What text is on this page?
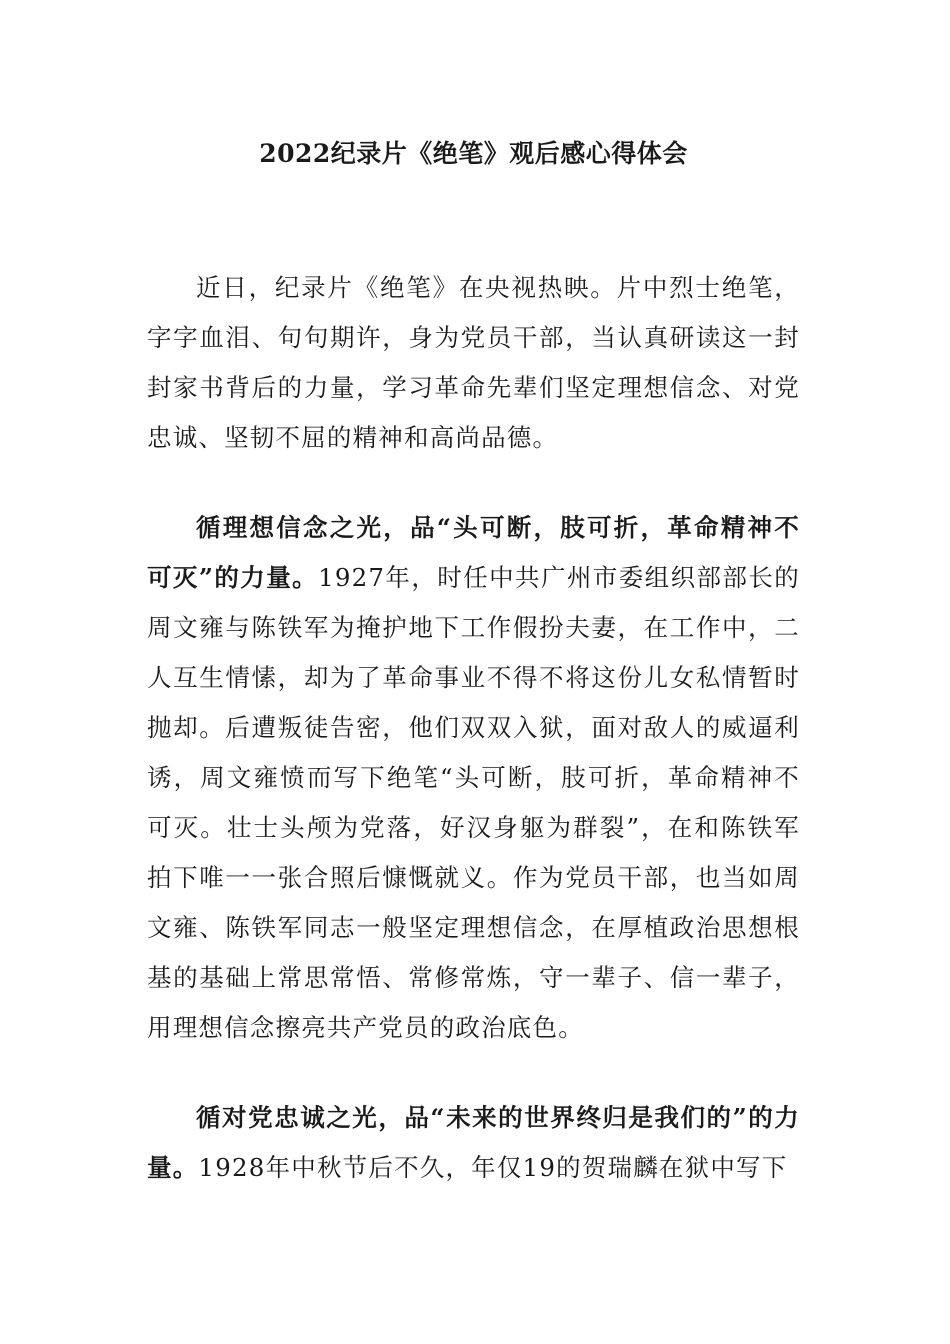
2022纪录片《绝笔》观后感心得体会

近日，纪录片《绝笔》在央视热映。片中烈士绝笔，字字血泪、句句期许，身为党员干部，当认真研读这一封封家书背后的力量，学习革命先辈们坚定理想信念、对党忠诚、坚韧不屈的精神和高尚品德。

循理想信念之光，品“头可断，肢可折，革命精神不可灭”的力量。1927年，时任中共广州市委组织部部长的周文雍与陈铁军为掩护地下工作假扮夫妻，在工作中，二人互生情愫，却为了革命事业不得不将这份儿女私情暂时抛却。后遭叛徒告密，他们双双入狱，面对敌人的威逼利诱，周文雍愤而写下绝笔“头可断，肢可折，革命精神不可灭。壮士头颅为党落，好汉身躯为群裂”，在和陈铁军拍下唯一一张合照后慷慨就义。作为党员干部，也当如周文雍、陈铁军同志一般坚定理想信念，在厚植政治思想根基的基础上常思常悟、常修常炼，守一辈子、信一辈子，用理想信念擦亮共产党员的政治底色。

循对党忠诚之光，品“未来的世界终归是我们的”的力量。1928年中秋节后不久，年仅19的贺瑞麟在狱中写下
